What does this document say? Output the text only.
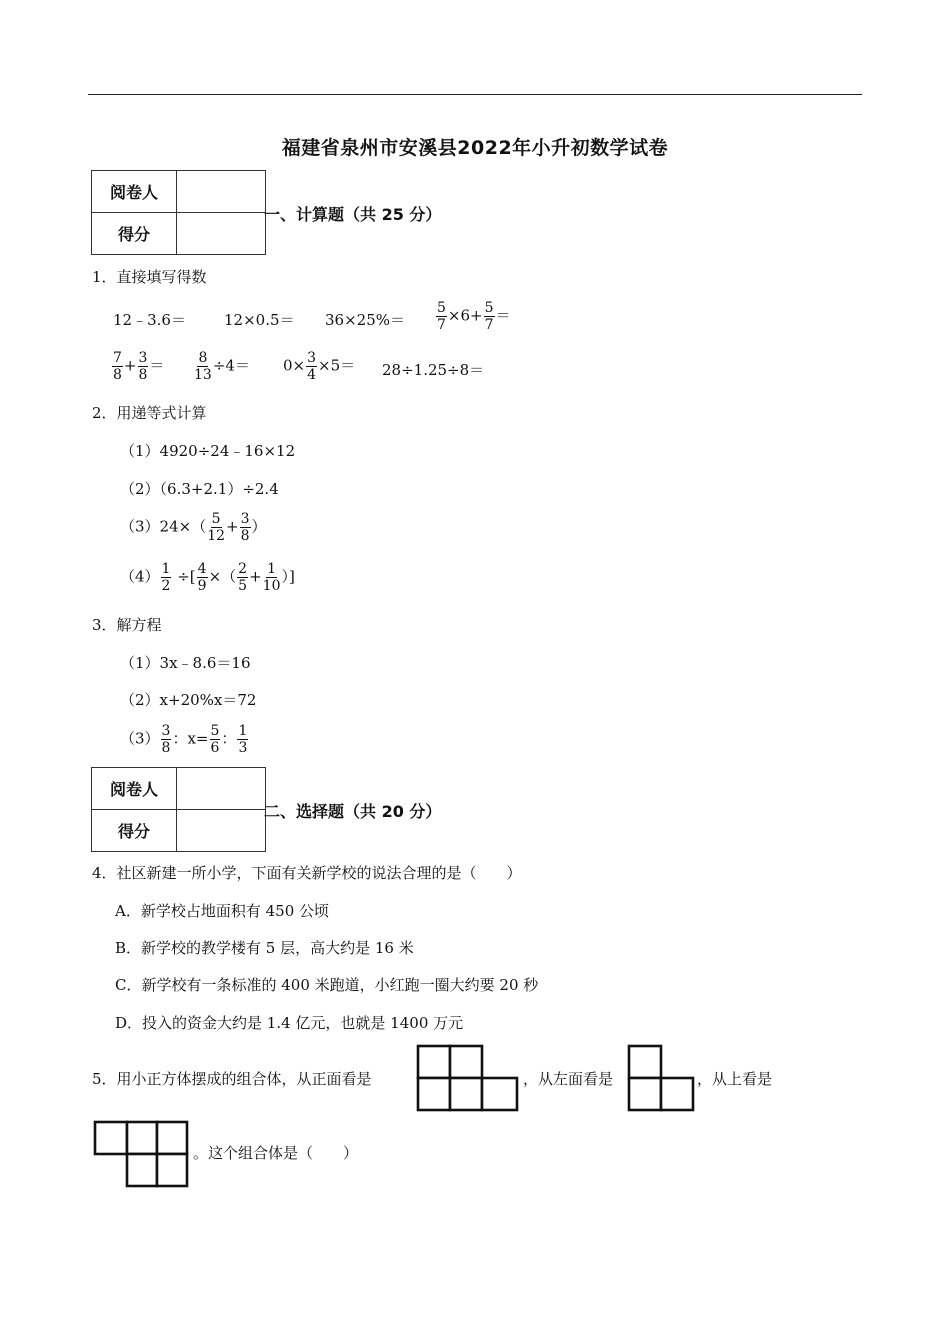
福建省泉州市安溪县2022年小升初数学试卷
阅卷人	
得分	
一、计算题（共 25 分）
1．直接填写得数
12﹣3.6＝	$12\times 0.5= 36\times 25\%= \frac{5}{7} \times 6+ \frac{5}{7}$ ＝
$\frac{7}{8} + \frac{3}{8} = \frac{8}{13} \div 4= 0\times \frac{3}{4} \times 5= 28\div 1.25\div 8=$
2．用递等式计算
（1）4920÷24﹣16×12
（2）（6.3+2.1）÷2.4
$(3)24\times( \frac{5}{12} + \frac{3}{8}$ ）
$(4) \frac{1}{2}$ ÷[ $\frac{4}{9}$ ×（ $\frac{2}{5} + \frac{1}{10}$ ）]
3．解方程
（1）3x﹣8.6＝16
（2）x+20%x＝72
$(3) \frac{3}{8}$ ：$x= \frac{5}{6}$ ： $\frac{1}{3}$
阅卷人	
得分	
二、选择题（共 20 分）
4．社区新建一所小学，下面有关新学校的说法合理的是（　　）
A．新学校占地面积有 450 公顷
B．新学校的教学楼有 5 层，高大约是 16 米
C．新学校有一条标准的 400 米跑道，小红跑一圈大约要 20 秒
D．投入的资金大约是 1.4 亿元，也就是 1400 万元
5．用小正方体摆成的组合体，从正面看是	，从左面看是	，从上看是
。这个组合体是（　　）
